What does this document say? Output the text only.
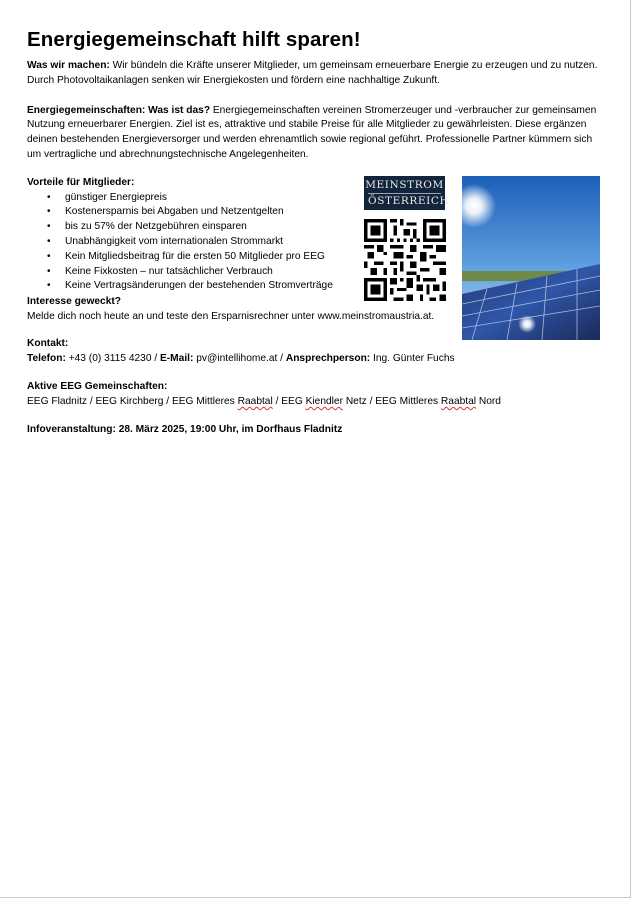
Energiegemeinschaft hilft sparen!

Was wir machen: Wir bündeln die Kräfte unserer Mitglieder, um gemeinsam erneuerbare Energie zu erzeugen und zu nutzen. Durch Photovoltaikanlagen senken wir Energiekosten und fördern eine nachhaltige Zukunft.

Energiegemeinschaften: Was ist das? Energiegemeinschaften vereinen Stromerzeuger und -verbraucher zur gemeinsamen Nutzung erneuerbarer Energien. Ziel ist es, attraktive und stabile Preise für alle Mitglieder zu gewährleisten. Diese ergänzen deinen bestehenden Energieversorger und werden ehrenamtlich sowie regional geführt. Professionelle Partner kümmern sich um vertragliche und abrechnungstechnische Angelegenheiten.

Vorteile für Mitglieder:
• günstiger Energiepreis
• Kostenersparnis bei Abgaben und Netzentgelten
• bis zu 57% der Netzgebühren einsparen
• Unabhängigkeit vom internationalen Strommarkt
• Kein Mitgliedsbeitrag für die ersten 50 Mitglieder pro EEG
• Keine Fixkosten – nur tatsächlicher Verbrauch
• Keine Vertragsänderungen der bestehenden Stromverträge
MEINSTROM
ÖSTERREICH

Interesse geweckt?

Melde dich noch heute an und teste den Ersparnisrechner unter www.meinstromaustria.at.

Kontakt:

Telefon: +43 (0) 3115 4230 / E-Mail: pv@intellihome.at / Ansprechperson: Ing. Günter Fuchs

Aktive EEG Gemeinschaften:

EEG Fladnitz / EEG Kirchberg / EEG Mittleres Raabtal / EEG Kiendler Netz / EEG Mittleres Raabtal Nord

Infoveranstaltung: 28. März 2025, 19:00 Uhr, im Dorfhaus Fladnitz
